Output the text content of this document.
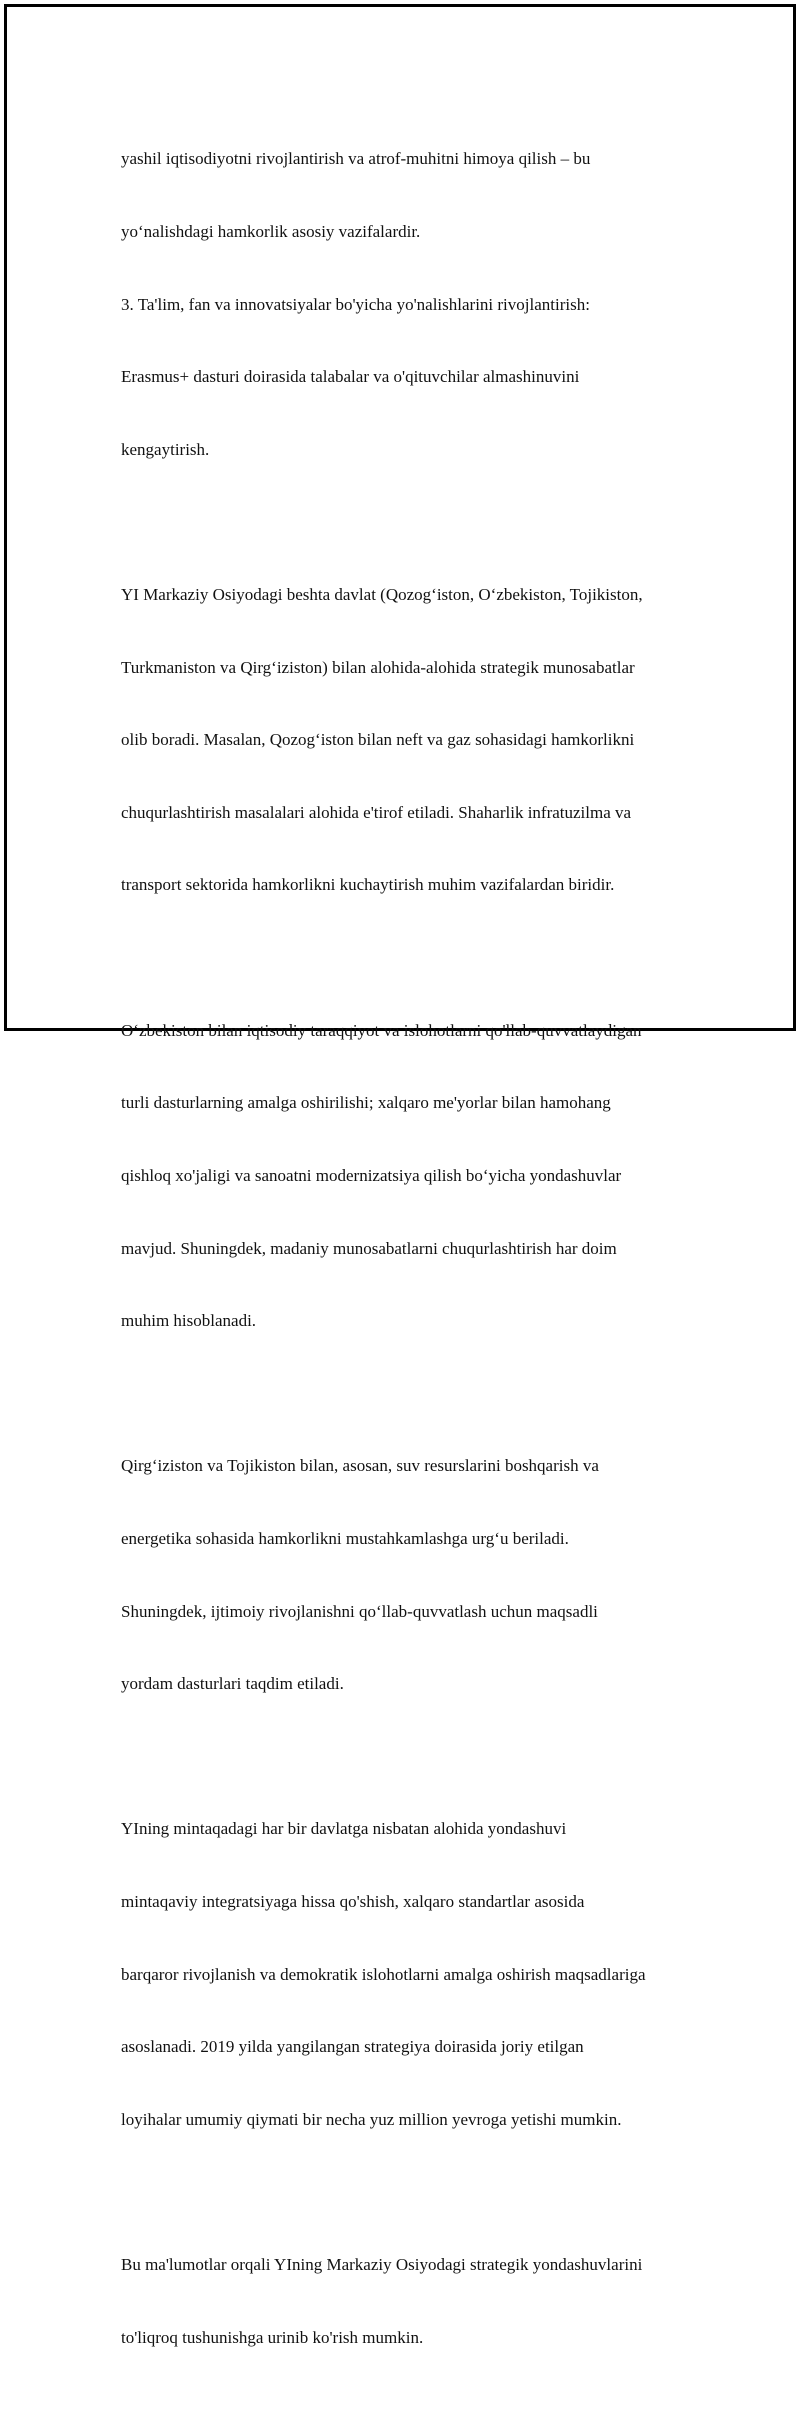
yashil iqtisodiyotni rivojlantirish va atrof-muhitni himoya qilish – bu

yo‘nalishdagi hamkorlik asosiy vazifalardir.

3. Ta'lim, fan va innovatsiyalar bo'yicha yo'nalishlarini rivojlantirish:

Erasmus+ dasturi doirasida talabalar va o'qituvchilar almashinuvini

kengaytirish.

YI Markaziy Osiyodagi beshta davlat (Qozog‘iston, O‘zbekiston, Tojikiston,

Turkmaniston va Qirg‘iziston) bilan alohida-alohida strategik munosabatlar

olib boradi. Masalan, Qozog‘iston bilan neft va gaz sohasidagi hamkorlikni

chuqurlashtirish masalalari alohida e'tirof etiladi. Shaharlik infratuzilma va

transport sektorida hamkorlikni kuchaytirish muhim vazifalardan biridir.

O‘zbekiston bilan iqtisodiy taraqqiyot va islohotlarni qo'llab-quvvatlaydigan

turli dasturlarning amalga oshirilishi; xalqaro me'yorlar bilan hamohang

qishloq xo'jaligi va sanoatni modernizatsiya qilish bo‘yicha yondashuvlar

mavjud. Shuningdek, madaniy munosabatlarni chuqurlashtirish har doim

muhim hisoblanadi.

Qirg‘iziston va Tojikiston bilan, asosan, suv resurslarini boshqarish va

energetika sohasida hamkorlikni mustahkamlashga urg‘u beriladi.

Shuningdek, ijtimoiy rivojlanishni qo‘llab-quvvatlash uchun maqsadli

yordam dasturlari taqdim etiladi.

YIning mintaqadagi har bir davlatga nisbatan alohida yondashuvi

mintaqaviy integratsiyaga hissa qo'shish, xalqaro standartlar asosida

barqaror rivojlanish va demokratik islohotlarni amalga oshirish maqsadlariga

asoslanadi. 2019 yilda yangilangan strategiya doirasida joriy etilgan

loyihalar umumiy qiymati bir necha yuz million yevroga yetishi mumkin.

Bu ma'lumotlar orqali YIning Markaziy Osiyodagi strategik yondashuvlarini

to'liqroq tushunishga urinib ko'rish mumkin.
